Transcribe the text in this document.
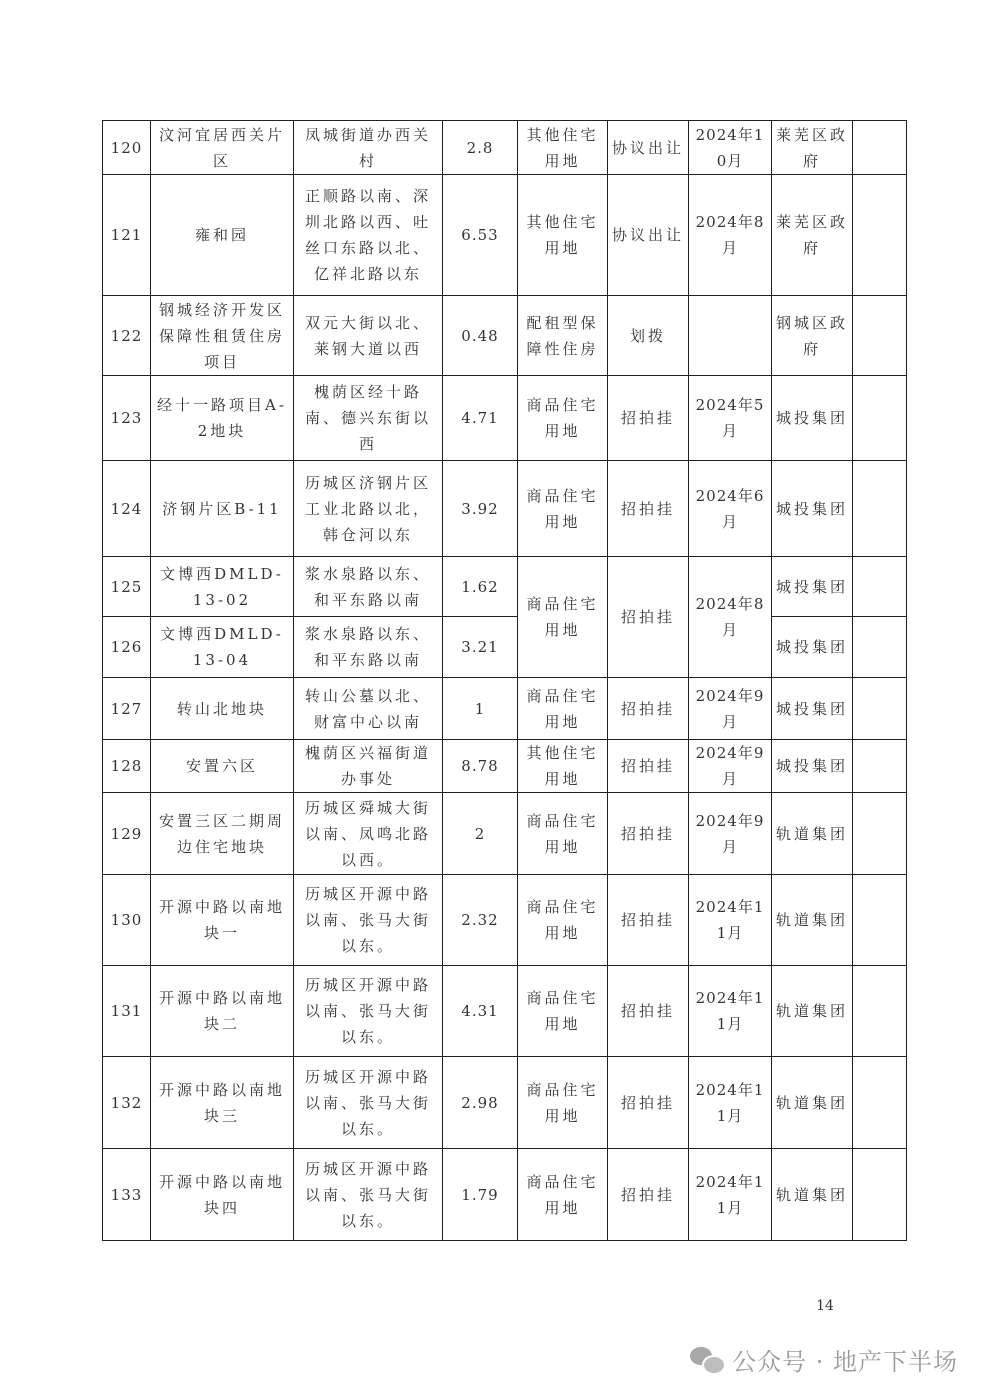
120	汶河宜居西关片区	凤城街道办西关村	2.8	其他住宅用地	协议出让	2024年10月	莱芜区政府	
121	雍和园	正顺路以南、深圳北路以西、吐丝口东路以北、亿祥北路以东	6.53	其他住宅用地	协议出让	2024年8月	莱芜区政府	
122	钢城经济开发区保障性租赁住房项目	双元大街以北、莱钢大道以西	0.48	配租型保障性住房	划拨		钢城区政府	
123	经十一路项目A-2地块	槐荫区经十路南、德兴东街以西	4.71	商品住宅用地	招拍挂	2024年5月	城投集团	
124	济钢片区B-11	历城区济钢片区工业北路以北，韩仓河以东	3.92	商品住宅用地	招拍挂	2024年6月	城投集团	
125	文博西DMLD-13-02	浆水泉路以东、和平东路以南	1.62	商品住宅用地	招拍挂	2024年8月	城投集团	
126	文博西DMLD-13-04	浆水泉路以东、和平东路以南	3.21				城投集团	
127	转山北地块	转山公墓以北、财富中心以南	1	商品住宅用地	招拍挂	2024年9月	城投集团	
128	安置六区	槐荫区兴福街道办事处	8.78	其他住宅用地	招拍挂	2024年9月	城投集团	
129	安置三区二期周边住宅地块	历城区舜城大街以南、凤鸣北路以西。	2	商品住宅用地	招拍挂	2024年9月	轨道集团	
130	开源中路以南地块一	历城区开源中路以南、张马大街以东。	2.32	商品住宅用地	招拍挂	2024年11月	轨道集团	
131	开源中路以南地块二	历城区开源中路以南、张马大街以东。	4.31	商品住宅用地	招拍挂	2024年11月	轨道集团	
132	开源中路以南地块三	历城区开源中路以南、张马大街以东。	2.98	商品住宅用地	招拍挂	2024年11月	轨道集团	
133	开源中路以南地块四	历城区开源中路以南、张马大街以东。	1.79	商品住宅用地	招拍挂	2024年11月	轨道集团	
14
公众号 · 地产下半场
